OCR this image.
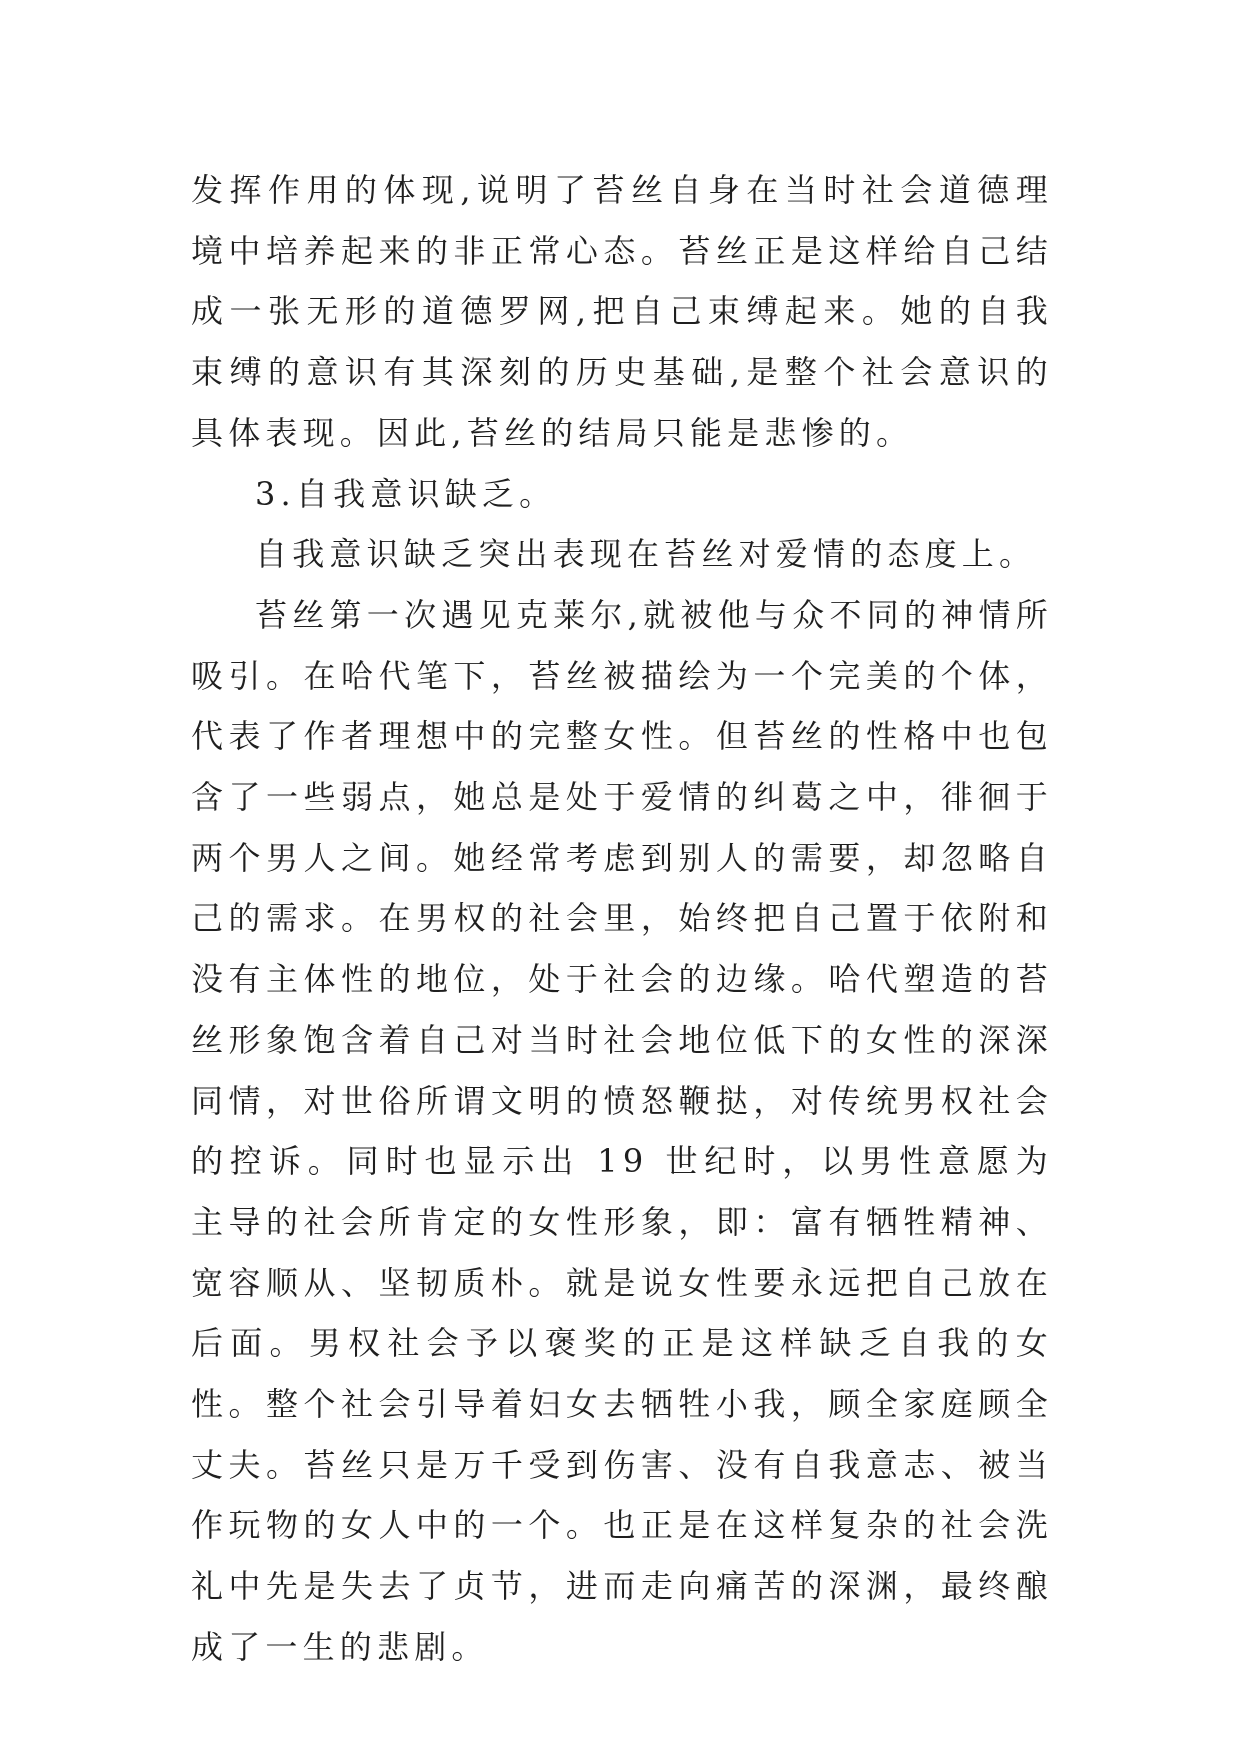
发挥作用的体现,说明了苔丝自身在当时社会道德理境中培养起来的非正常心态。苔丝正是这样给自己结成一张无形的道德罗网,把自己束缚起来。她的自我束缚的意识有其深刻的历史基础,是整个社会意识的具体表现。因此,苔丝的结局只能是悲惨的。

3.自我意识缺乏。

自我意识缺乏突出表现在苔丝对爱情的态度上。

苔丝第一次遇见克莱尔,就被他与众不同的神情所吸引。在哈代笔下，苔丝被描绘为一个完美的个体，代表了作者理想中的完整女性。但苔丝的性格中也包含了一些弱点，她总是处于爱情的纠葛之中，徘徊于两个男人之间。她经常考虑到别人的需要，却忽略自己的需求。在男权的社会里，始终把自己置于依附和没有主体性的地位，处于社会的边缘。哈代塑造的苔丝形象饱含着自己对当时社会地位低下的女性的深深同情，对世俗所谓文明的愤怒鞭挞，对传统男权社会的控诉。同时也显示出 19 世纪时，以男性意愿为主导的社会所肯定的女性形象，即：富有牺牲精神、宽容顺从、坚韧质朴。就是说女性要永远把自己放在后面。男权社会予以褒奖的正是这样缺乏自我的女性。整个社会引导着妇女去牺牲小我，顾全家庭顾全丈夫。苔丝只是万千受到伤害、没有自我意志、被当作玩物的女人中的一个。也正是在这样复杂的社会洗礼中先是失去了贞节，进而走向痛苦的深渊，最终酿成了一生的悲剧。
